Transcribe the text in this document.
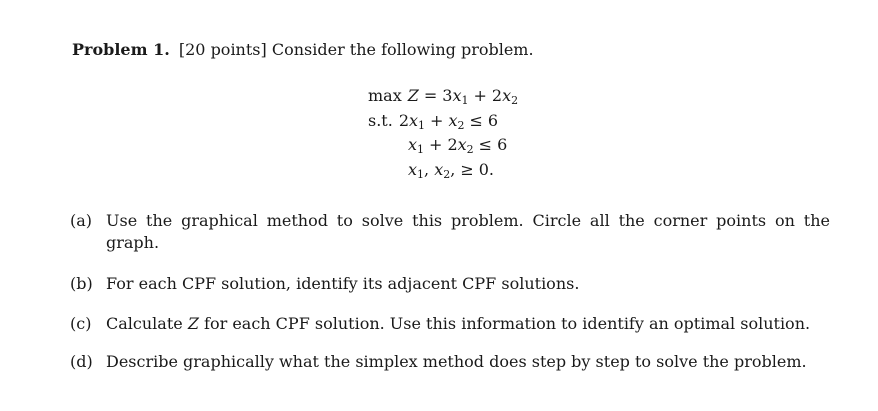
Problem 1. [20 points] Consider the following problem.
$\max Z = 3x_1 + 2x_2$
s.t. $2x_1 + x_2 \le 6$
$x_1 + 2x_2 \le 6$
$x_1$, $x_2$, ≥ 0.
(a) Use the graphical method to solve this problem. Circle all the corner points on the graph.
(b) For each CPF solution, identify its adjacent CPF solutions.
(c) Calculate Z for each CPF solution. Use this information to identify an optimal solution.
(d) Describe graphically what the simplex method does step by step to solve the problem.
